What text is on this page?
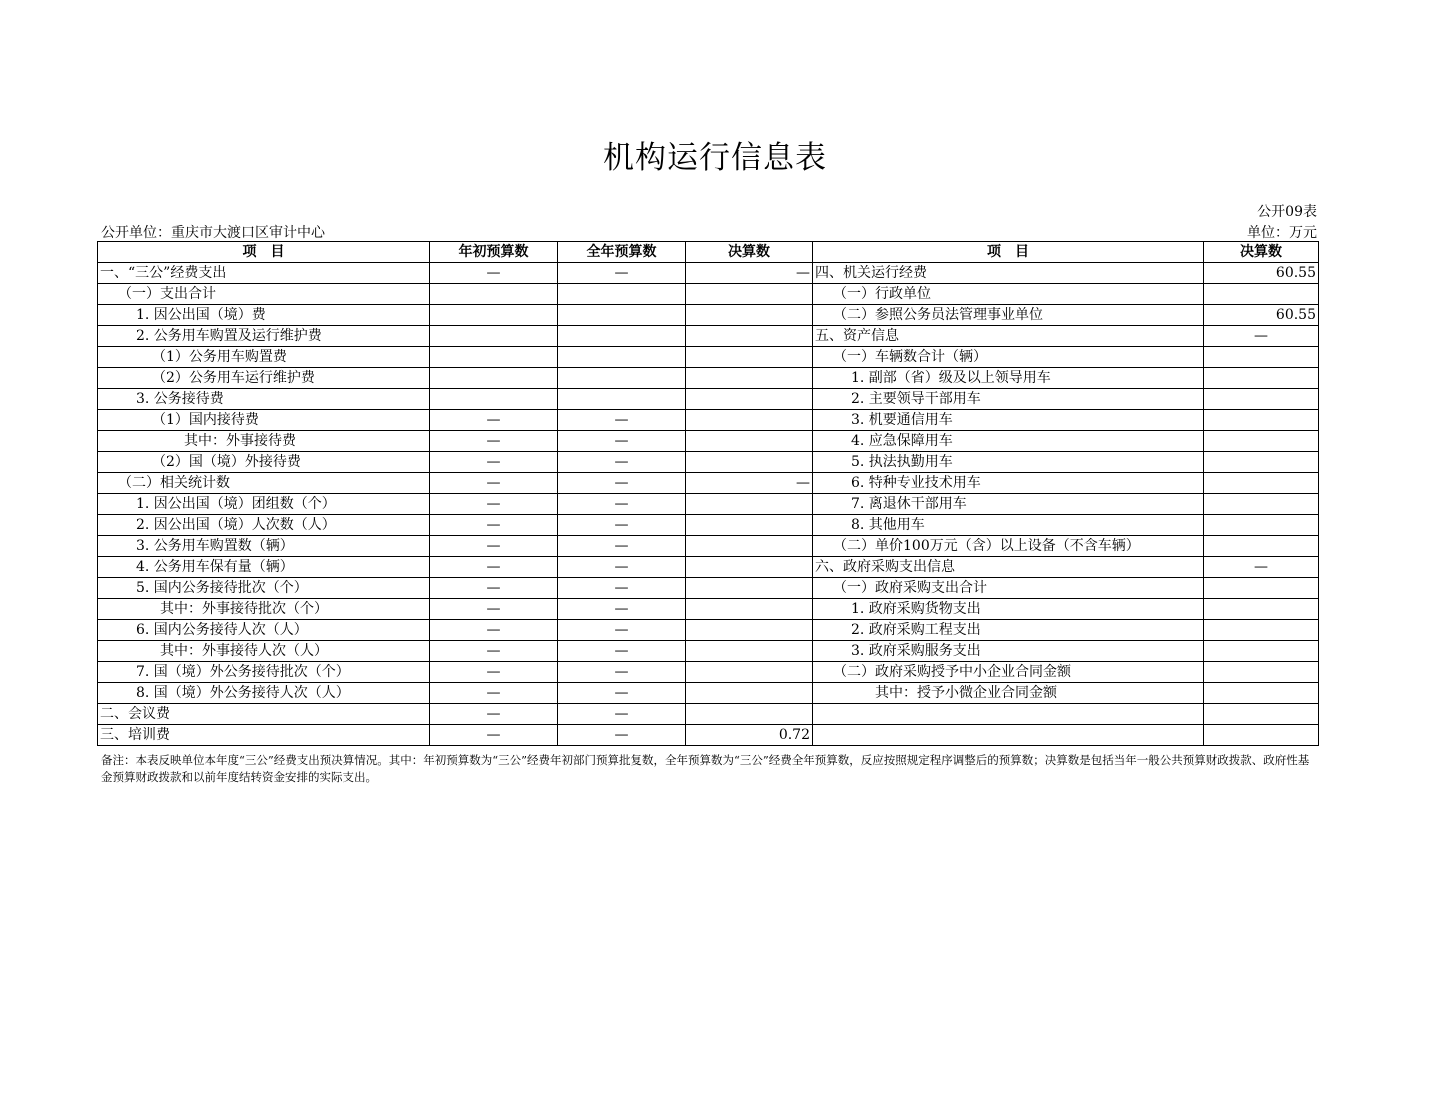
机构运行信息表
公开09表
公开单位：重庆市大渡口区审计中心	单位：万元
项　目	年初预算数	全年预算数	决算数	项　目	决算数
一、“三公”经费支出	—	—	—	四、机关运行经费	60.55
（一）支出合计				（一）行政单位	
1. 因公出国（境）费				（二）参照公务员法管理事业单位	60.55
2. 公务用车购置及运行维护费				五、资产信息	—
（1）公务用车购置费				（一）车辆数合计（辆）	
（2）公务用车运行维护费				1. 副部（省）级及以上领导用车	
3. 公务接待费				2. 主要领导干部用车	
（1）国内接待费	—	—		3. 机要通信用车	
其中：外事接待费	—	—		4. 应急保障用车	
（2）国（境）外接待费	—	—		5. 执法执勤用车	
（二）相关统计数	—	—	—	6. 特种专业技术用车	
1. 因公出国（境）团组数（个）	—	—		7. 离退休干部用车	
2. 因公出国（境）人次数（人）	—	—		8. 其他用车	
3. 公务用车购置数（辆）	—	—		（二）单价100万元（含）以上设备（不含车辆）	
4. 公务用车保有量（辆）	—	—		六、政府采购支出信息	—
5. 国内公务接待批次（个）	—	—		（一）政府采购支出合计	
其中：外事接待批次（个）	—	—		1. 政府采购货物支出	
6. 国内公务接待人次（人）	—	—		2. 政府采购工程支出	
其中：外事接待人次（人）	—	—		3. 政府采购服务支出	
7. 国（境）外公务接待批次（个）	—	—		（二）政府采购授予中小企业合同金额	
8. 国（境）外公务接待人次（人）	—	—		其中：授予小微企业合同金额	
二、会议费	—	—			
三、培训费	—	—	0.72		
备注：本表反映单位本年度“三公”经费支出预决算情况。其中：年初预算数为“三公”经费年初部门预算批复数，全年预算数为“三公”经费全年预算数，反应按照规定程序调整后的预算数；决算数是包括当年一般公共预算财政拨款、政府性基金预算财政拨款和以前年度结转资金安排的实际支出。
